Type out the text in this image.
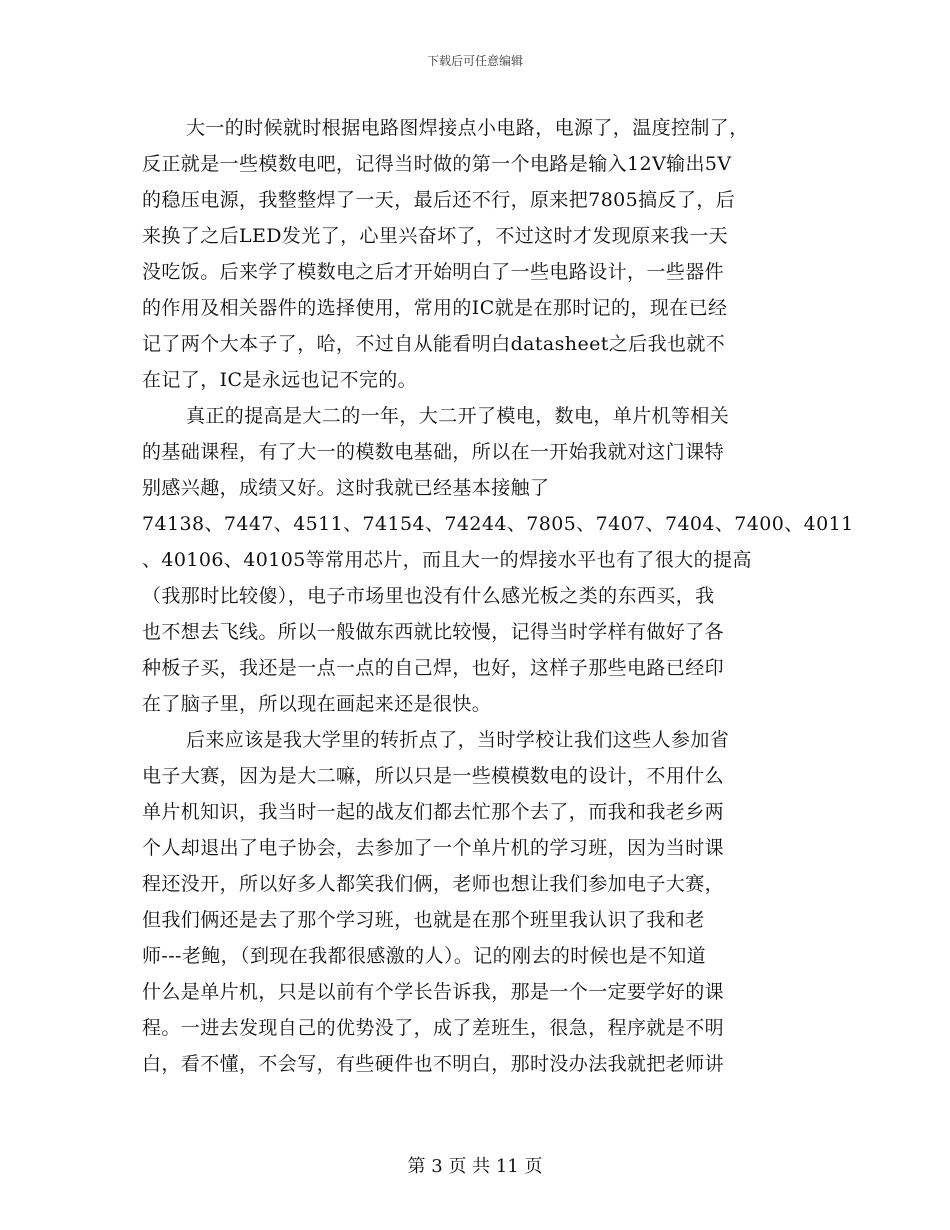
下载后可任意编辑
大一的时候就时根据电路图焊接点小电路，电源了，温度控制了，
反正就是一些模数电吧，记得当时做的第一个电路是输入12V输出5V
的稳压电源，我整整焊了一天，最后还不行，原来把7805搞反了，后
来换了之后LED发光了，心里兴奋坏了，不过这时才发现原来我一天
没吃饭。后来学了模数电之后才开始明白了一些电路设计，一些器件
的作用及相关器件的选择使用，常用的IC就是在那时记的，现在已经
记了两个大本子了，哈，不过自从能看明白datasheet之后我也就不
在记了，IC是永远也记不完的。
真正的提高是大二的一年，大二开了模电，数电，单片机等相关
的基础课程，有了大一的模数电基础，所以在一开始我就对这门课特
别感兴趣，成绩又好。这时我就已经基本接触了
74138、7447、4511、74154、74244、7805、7407、7404、7400、4011
、40106、40105等常用芯片，而且大一的焊接水平也有了很大的提高
（我那时比较傻），电子市场里也没有什么感光板之类的东西买，我
也不想去飞线。所以一般做东西就比较慢，记得当时学样有做好了各
种板子买，我还是一点一点的自己焊，也好，这样子那些电路已经印
在了脑子里，所以现在画起来还是很快。
后来应该是我大学里的转折点了，当时学校让我们这些人参加省
电子大赛，因为是大二嘛，所以只是一些模模数电的设计，不用什么
单片机知识，我当时一起的战友们都去忙那个去了，而我和我老乡两
个人却退出了电子协会，去参加了一个单片机的学习班，因为当时课
程还没开，所以好多人都笑我们俩，老师也想让我们参加电子大赛，
但我们俩还是去了那个学习班，也就是在那个班里我认识了我和老
师---老鲍，（到现在我都很感激的人）。记的刚去的时候也是不知道
什么是单片机，只是以前有个学长告诉我，那是一个一定要学好的课
程。一进去发现自己的优势没了，成了差班生，很急，程序就是不明
白，看不懂，不会写，有些硬件也不明白，那时没办法我就把老师讲
第 3 页 共 11 页
